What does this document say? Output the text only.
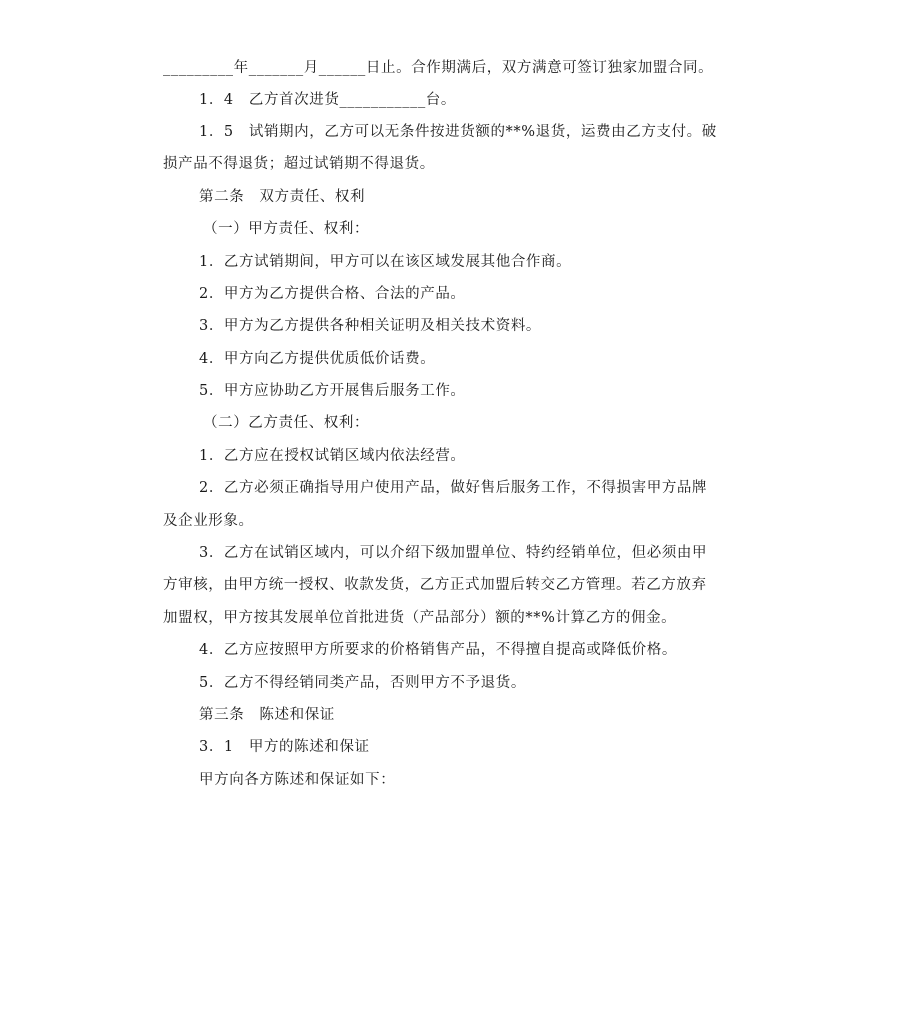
_________年_______月______日止。合作期满后，双方满意可签订独家加盟合同。
1．4　乙方首次进货___________台。
1．5　试销期内，乙方可以无条件按进货额的**%退货，运费由乙方支付。破
损产品不得退货；超过试销期不得退货。
第二条　双方责任、权利
（一）甲方责任、权利：
1．乙方试销期间，甲方可以在该区域发展其他合作商。
2．甲方为乙方提供合格、合法的产品。
3．甲方为乙方提供各种相关证明及相关技术资料。
4．甲方向乙方提供优质低价话费。
5．甲方应协助乙方开展售后服务工作。
（二）乙方责任、权利：
1．乙方应在授权试销区域内依法经营。
2．乙方必须正确指导用户使用产品，做好售后服务工作，不得损害甲方品牌
及企业形象。
3．乙方在试销区域内，可以介绍下级加盟单位、特约经销单位，但必须由甲
方审核，由甲方统一授权、收款发货，乙方正式加盟后转交乙方管理。若乙方放弃
加盟权，甲方按其发展单位首批进货（产品部分）额的**%计算乙方的佣金。
4．乙方应按照甲方所要求的价格销售产品，不得擅自提高或降低价格。
5．乙方不得经销同类产品，否则甲方不予退货。
第三条　陈述和保证
3．1　甲方的陈述和保证
甲方向各方陈述和保证如下：
